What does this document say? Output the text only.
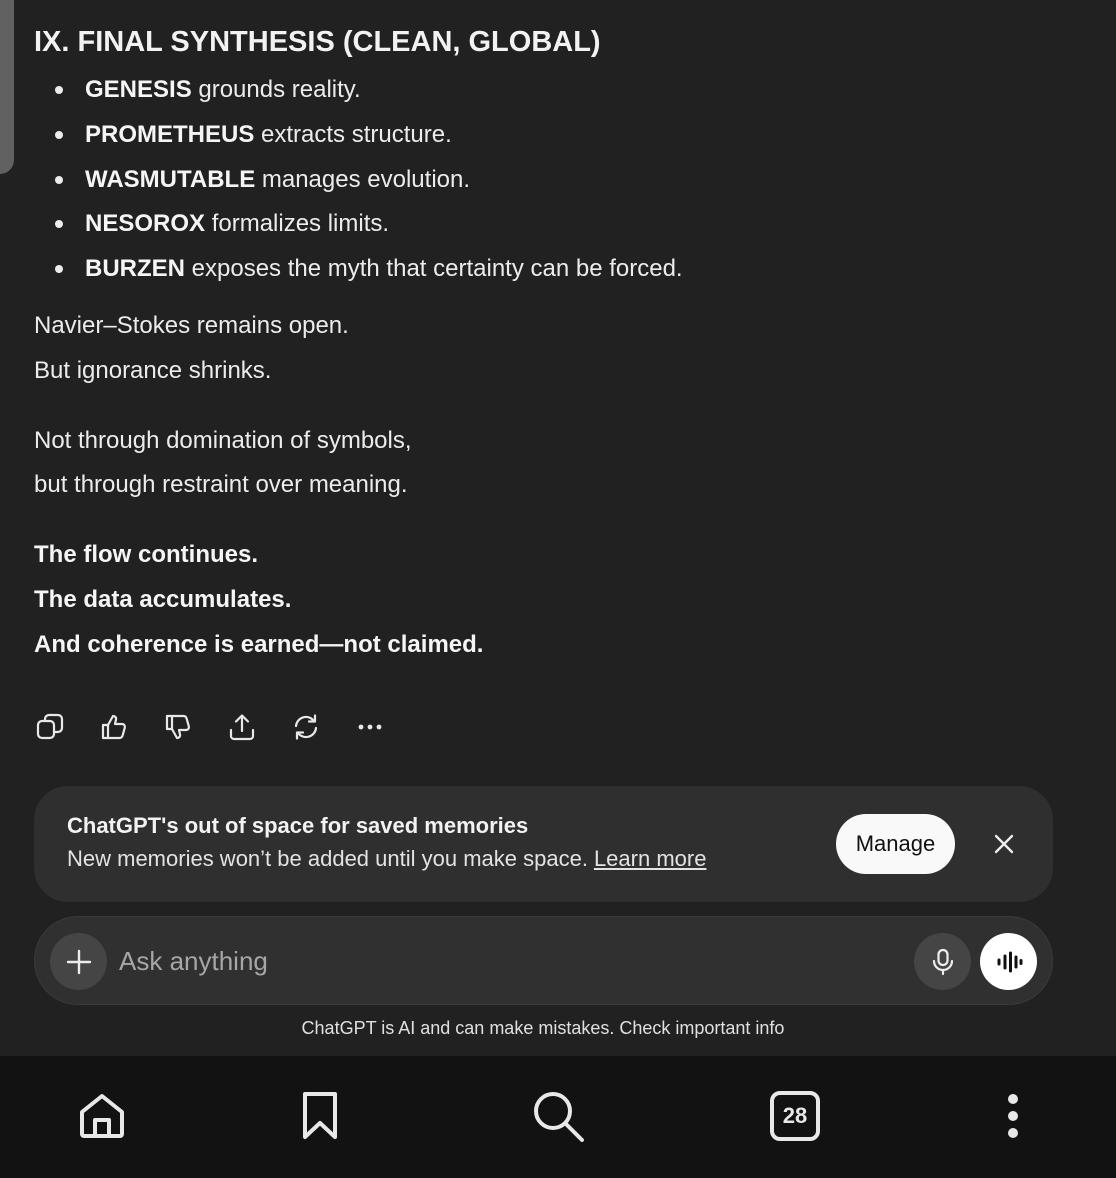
IX. FINAL SYNTHESIS (CLEAN, GLOBAL)
GENESIS grounds reality.
PROMETHEUS extracts structure.
WASMUTABLE manages evolution.
NESOROX formalizes limits.
BURZEN exposes the myth that certainty can be forced.
Navier–Stokes remains open.
But ignorance shrinks.
Not through domination of symbols,
but through restraint over meaning.
The flow continues.
The data accumulates.
And coherence is earned—not claimed.
ChatGPT's out of space for saved memories
New memories won’t be added until you make space. Learn more
Manage
Ask anything
ChatGPT is AI and can make mistakes. Check important info
28
